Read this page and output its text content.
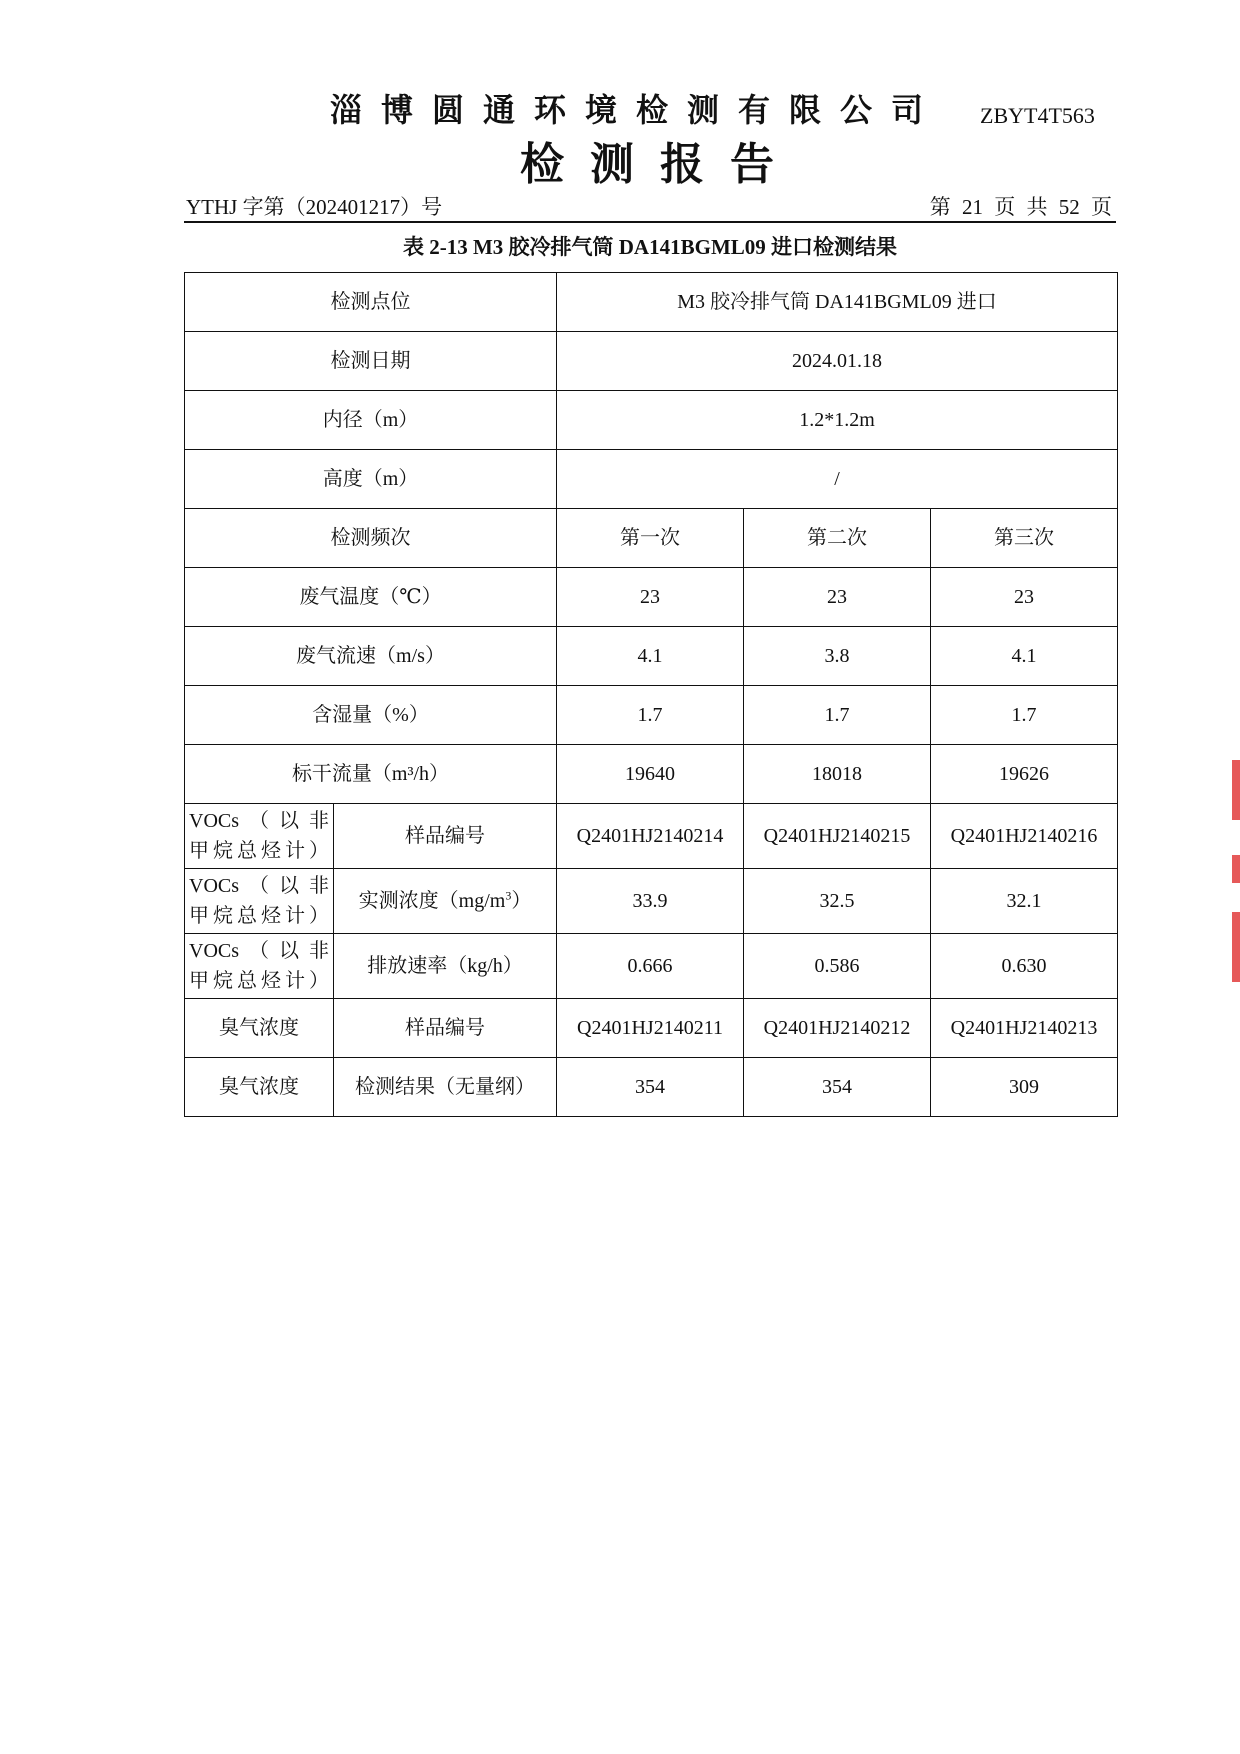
淄博圆通环境检测有限公司	ZBYT4T563
检测报告
YTHJ 字第（202401217）号	第 21 页 共 52 页
表 2-13 M3 胶冷排气筒 DA141BGML09 进口检测结果
检测点位		M3 胶冷排气筒 DA141BGML09 进口		
检测日期		2024.01.18		
内径（m）		1.2*1.2m		
高度（m）		/		
检测频次		第一次	第二次	第三次
废气温度（℃）		23	23	23
废气流速（m/s）		4.1	3.8	4.1
含湿量（%）		1.7	1.7	1.7
标干流量（m³/h）		19640	18018	19626

VOCs（以非
甲烷总烃计）	样品编号	Q2401HJ2140214	Q2401HJ2140215	Q2401HJ2140216

VOCs（以非
甲烷总烃计）	实测浓度$(mg/m^3)$	33.9	32.5	32.1

VOCs（以非
甲烷总烃计）	排放速率（kg/h）	0.666	0.586	0.630
臭气浓度	样品编号	Q2401HJ2140211	Q2401HJ2140212	Q2401HJ2140213
臭气浓度	检测结果（无量纲）	354	354	309
